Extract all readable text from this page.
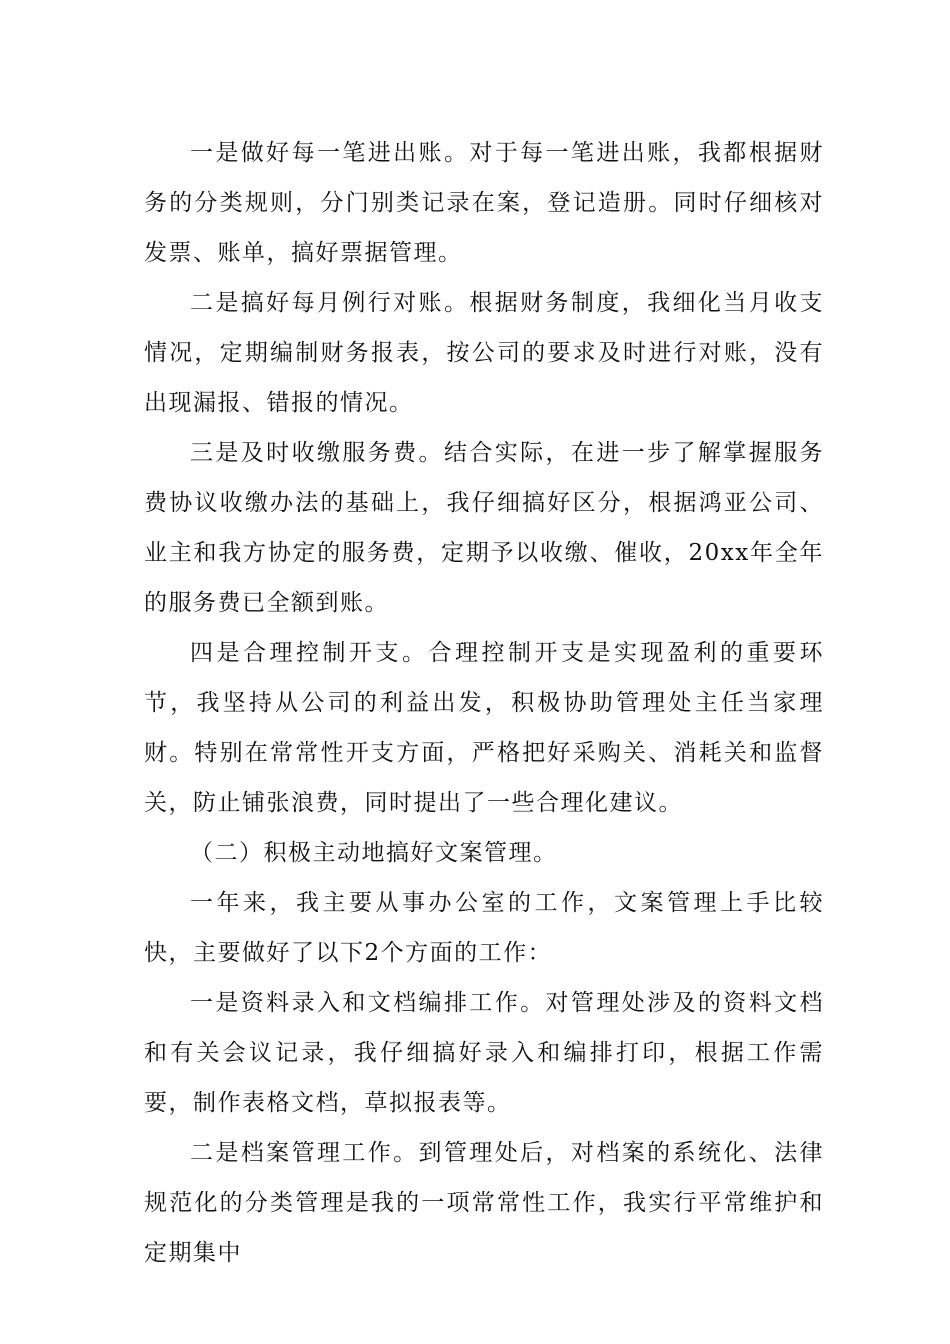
一是做好每一笔进出账。对于每一笔进出账，我都根据财务的分类规则，分门别类记录在案，登记造册。同时仔细核对发票、账单，搞好票据管理。

二是搞好每月例行对账。根据财务制度，我细化当月收支情况，定期编制财务报表，按公司的要求及时进行对账，没有出现漏报、错报的情况。

三是及时收缴服务费。结合实际，在进一步了解掌握服务费协议收缴办法的基础上，我仔细搞好区分，根据鸿亚公司、业主和我方协定的服务费，定期予以收缴、催收，20xx年全年的服务费已全额到账。

四是合理控制开支。合理控制开支是实现盈利的重要环节，我坚持从公司的利益出发，积极协助管理处主任当家理财。特别在常常性开支方面，严格把好采购关、消耗关和监督关，防止铺张浪费，同时提出了一些合理化建议。

（二）积极主动地搞好文案管理。

一年来，我主要从事办公室的工作，文案管理上手比较快，主要做好了以下2个方面的工作：

一是资料录入和文档编排工作。对管理处涉及的资料文档和有关会议记录，我仔细搞好录入和编排打印，根据工作需要，制作表格文档，草拟报表等。

二是档案管理工作。到管理处后，对档案的系统化、法律规范化的分类管理是我的一项常常性工作，我实行平常维护和定期集中
